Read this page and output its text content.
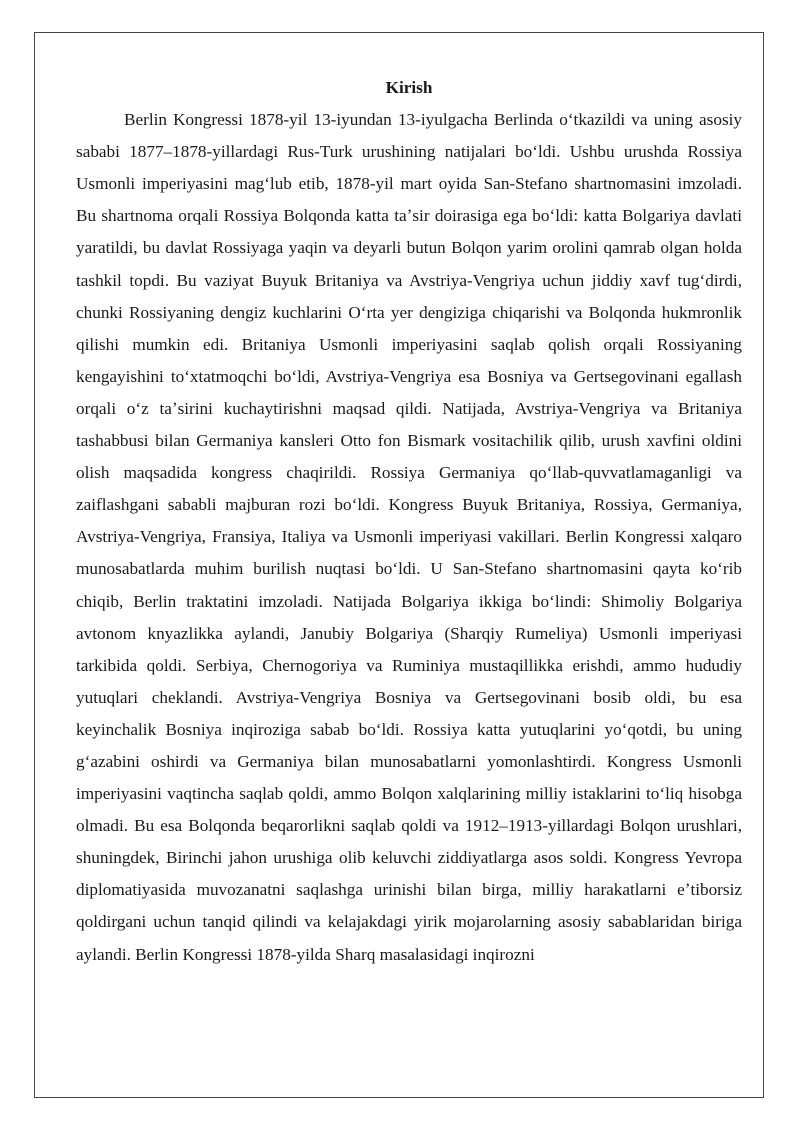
Kirish

Berlin Kongressi 1878-yil 13-iyundan 13-iyulgacha Berlinda oʻtkazildi va uning asosiy sababi 1877–1878-yillardagi Rus-Turk urushining natijalari boʻldi. Ushbu urushda Rossiya Usmonli imperiyasini magʻlub etib, 1878-yil mart oyida San-Stefano shartnomasini imzoladi. Bu shartnoma orqali Rossiya Bolqonda katta taʼsir doirasiga ega boʻldi: katta Bolgariya davlati yaratildi, bu davlat Rossiyaga yaqin va deyarli butun Bolqon yarim orolini qamrab olgan holda tashkil topdi. Bu vaziyat Buyuk Britaniya va Avstriya-Vengriya uchun jiddiy xavf tugʻdirdi, chunki Rossiyaning dengiz kuchlarini Oʻrta yer dengiziga chiqarishi va Bolqonda hukmronlik qilishi mumkin edi. Britaniya Usmonli imperiyasini saqlab qolish orqali Rossiyaning kengayishini toʻxtatmoqchi boʻldi, Avstriya-Vengriya esa Bosniya va Gertsegovinani egallash orqali oʻz taʼsirini kuchaytirishni maqsad qildi. Natijada, Avstriya-Vengriya va Britaniya tashabbusi bilan Germaniya kansleri Otto fon Bismark vositachilik qilib, urush xavfini oldini olish maqsadida kongress chaqirildi. Rossiya Germaniya qoʻllab-quvvatlamaganligi va zaiflashgani sababli majburan rozi boʻldi. Kongress Buyuk Britaniya, Rossiya, Germaniya, Avstriya-Vengriya, Fransiya, Italiya va Usmonli imperiyasi vakillari. Berlin Kongressi xalqaro munosabatlarda muhim burilish nuqtasi boʻldi. U San-Stefano shartnomasini qayta koʻrib chiqib, Berlin traktatini imzoladi. Natijada Bolgariya ikkiga boʻlindi: Shimoliy Bolgariya avtonom knyazlikka aylandi, Janubiy Bolgariya (Sharqiy Rumeliya) Usmonli imperiyasi tarkibida qoldi. Serbiya, Chernogoriya va Ruminiya mustaqillikka erishdi, ammo hududiy yutuqlari cheklandi. Avstriya-Vengriya Bosniya va Gertsegovinani bosib oldi, bu esa keyinchalik Bosniya inqiroziga sabab boʻldi. Rossiya katta yutuqlarini yoʻqotdi, bu uning gʻazabini oshirdi va Germaniya bilan munosabatlarni yomonlashtirdi. Kongress Usmonli imperiyasini vaqtincha saqlab qoldi, ammo Bolqon xalqlarining milliy istaklarini toʻliq hisobga olmadi. Bu esa Bolqonda beqarorlikni saqlab qoldi va 1912–1913-yillardagi Bolqon urushlari, shuningdek, Birinchi jahon urushiga olib keluvchi ziddiyatlarga asos soldi. Kongress Yevropa diplomatiyasida muvozanatni saqlashga urinishi bilan birga, milliy harakatlarni eʼtiborsiz qoldirgani uchun tanqid qilindi va kelajakdagi yirik mojarolarning asosiy sabablaridan biriga aylandi. Berlin Kongressi 1878-yilda Sharq masalasidagi inqirozni
